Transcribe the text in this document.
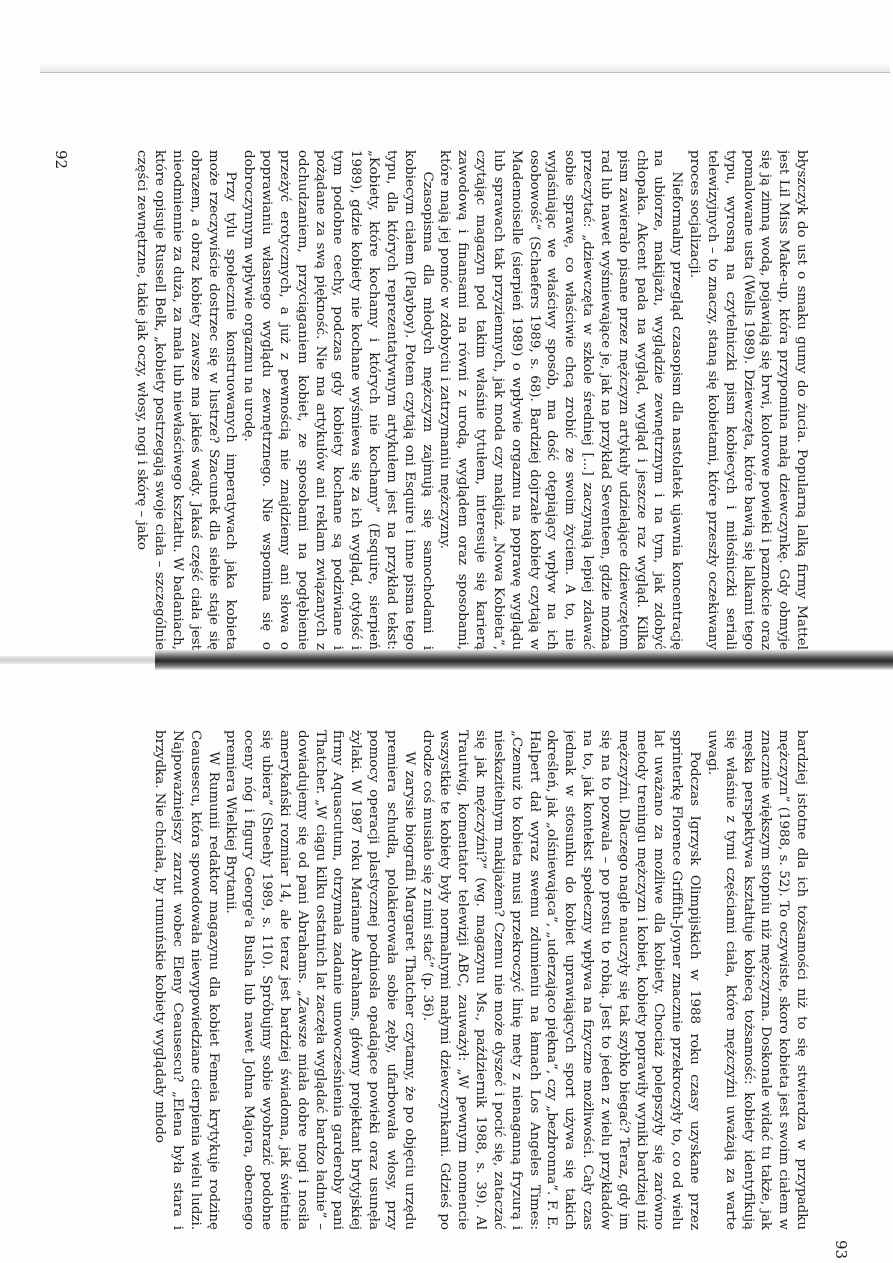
błyszczyk do ust o smaku gumy do żucia. Popularną lalką firmy Mattel jest Lil Miss Make-up, która przypomina małą dziewczynkę. Gdy obmyje się ją zimną wodą, pojawiają się brwi, kolorowe powieki i paznokcie oraz pomalowane usta (Wells 1989). Dziewczęta, które bawią się lalkami tego typu, wyrosną na czytelniczki pism kobiecych i miłośniczki seriali telewizyjnych – to znaczy, staną się kobietami, które przeszły oczekiwany proces socjalizacji.

Nieformalny przegląd czasopism dla nastolatek ujawnia koncentrację na ubiorze, makijażu, wyglądzie zewnętrznym i na tym, jak zdobyć chłopaka. Akcent pada na wygląd, wygląd i jeszcze raz wygląd. Kilka pism zawierało pisane przez mężczyzn artykuły udzielające dziewczętom rad lub nawet wyśmiewające je, jak na przykład Seventeen, gdzie można przeczytać: „dziewczęta w szkole średniej [...] zaczynają lepiej zdawać sobie sprawę, co właściwie chcą zrobić ze swoim życiem. A to, nie wyjaśniając we właściwy sposób, ma dość otępiający wpływ na ich osobowość” (Schaefers 1989, s. 68). Bardziej dojrzałe kobiety czytają w Mademoiselle (sierpień 1989) o wpływie orgazmu na poprawę wyglądu lub sprawach tak przyziemnych, jak moda czy makijaż. „Nowa Kobieta”, czytając magazyn pod takim właśnie tytułem, interesuje się karierą zawodową i finansami na równi z urodą, wyglądem oraz sposobami, które mają jej pomóc w zdobyciu i zatrzymaniu mężczyzny.

Czasopisma dla młodych mężczyzn zajmują się samochodami i kobiecym ciałem (Playboy). Potem czytają oni Esquire i inne pisma tego typu, dla których reprezentatywnym artykułem jest na przykład tekst: „Kobiety, które kochamy i których nie kochamy” (Esquire, sierpień 1989), gdzie kobiety nie kochane wyśmiewa się za ich wygląd, otyłość i tym podobne cechy, podczas gdy kobiety kochane są podziwiane i pożądane za swą piękność. Nie ma artykułów ani reklam związanych z odchudzaniem, przyciąganiem kobiet, ze sposobami na pogłębienie przeżyć erotycznych, a już z pewnością nie znajdziemy ani słowa o poprawianiu własnego wyglądu zewnętrznego. Nie wspomina się o dobroczynnym wpływie orgazmu na urodę.

Przy tylu społecznie konstruowanych imperatywach jaka kobieta może rzeczywiście dostrzec się w lustrze? Szacunek dla siebie staje się obrazem, a obraz kobiety zawsze ma jakieś wady. Jakaś część ciała jest nieodmiennie za duża, za mała lub niewłaściwego kształtu. W badaniach, które opisuje Russell Belk, „kobiety postrzegają swoje ciała – szczególnie części zewnętrzne, takie jak oczy, włosy, nogi i skórę – jako

bardziej istotne dla ich tożsamości niż to się stwierdza w przypadku mężczyzn” (1988, s. 52). To oczywiste, skoro kobieta jest swoim ciałem w znacznie większym stopniu niż mężczyzna. Doskonale widać tu także, jak męska perspektywa kształtuje kobiecą tożsamość: kobiety identyfikują się właśnie z tymi częściami ciała, które mężczyźni uważają za warte uwagi.

Podczas Igrzysk Olimpijskich w 1988 roku czasy uzyskane przez sprinterkę Florence Griffith-Joyner znacznie przekroczyły to, co od wielu lat uważano za możliwe dla kobiety. Chociaż polepszyły się zarówno metody treningu mężczyzn i kobiet, kobiety poprawiły wyniki bardziej niż mężczyźni. Dlaczego nagle nauczyły się tak szybko biegać? Teraz, gdy im się na to pozwala – po prostu to robią. Jest to jeden z wielu przykładów na to, jak kontekst społeczny wpływa na fizyczne możliwości. Cały czas jednak w stosunku do kobiet uprawiających sport używa się takich określeń, jak „olśniewająca”, „uderzająco piękna”, czy „bezbronna”. F. E. Halpert dał wyraz swemu zdumieniu na łamach Los Angeles Times: „Czemuż to kobieta musi przekroczyć linię mety z nienaganną fryzurą i nieskazitelnym makijażem? Czemu nie może dyszeć i pocić się, zataczać się jak mężczyźni?” (wg. magazynu Ms., październik 1988, s. 39). Al Trautwig, komentator telewizji ABC, zauważył: „W pewnym momencie wszystkie te kobiety były normalnymi małymi dziewczynkami. Gdzieś po drodze coś musiało się z nimi stać” (p. 36).

W zarysie biografii Margaret Thatcher czytamy, że po objęciu urzędu premiera schudła, polakierowała sobie zęby, ufarbowała włosy, przy pomocy operacji plastycznej podniosła opadające powieki oraz usunęła żylaki. W 1987 roku Marianne Abrahams, główny projektant brytyjskiej firmy Aquascutum, otrzymała zadanie unowocześnienia garderoby pani Thatcher. „W ciągu kilku ostatnich lat zaczęła wyglądać bardzo ładnie” – dowiadujemy się od pani Abrahams. „Zawsze miała dobre nogi i nosiła amerykański rozmiar 14, ale teraz jest bardziej świadoma, jak świetnie się ubiera” (Sheehy 1989, s. 110). Spróbujmy sobie wyobrazić podobne oceny nóg i figury George'a Busha lub nawet Johna Majora, obecnego premiera Wielkiej Brytanii.

W Rumunii redaktor magazynu dla kobiet Femeia krytykuje rodzinę Ceausescu, która spowodowała niewypowiedziane cierpienia wielu ludzi. Najpoważniejszy zarzut wobec Eleny Ceausescu? „Elena była stara i brzydka. Nie chciała, by rumuńskie kobiety wyglądały młodo

92
93
